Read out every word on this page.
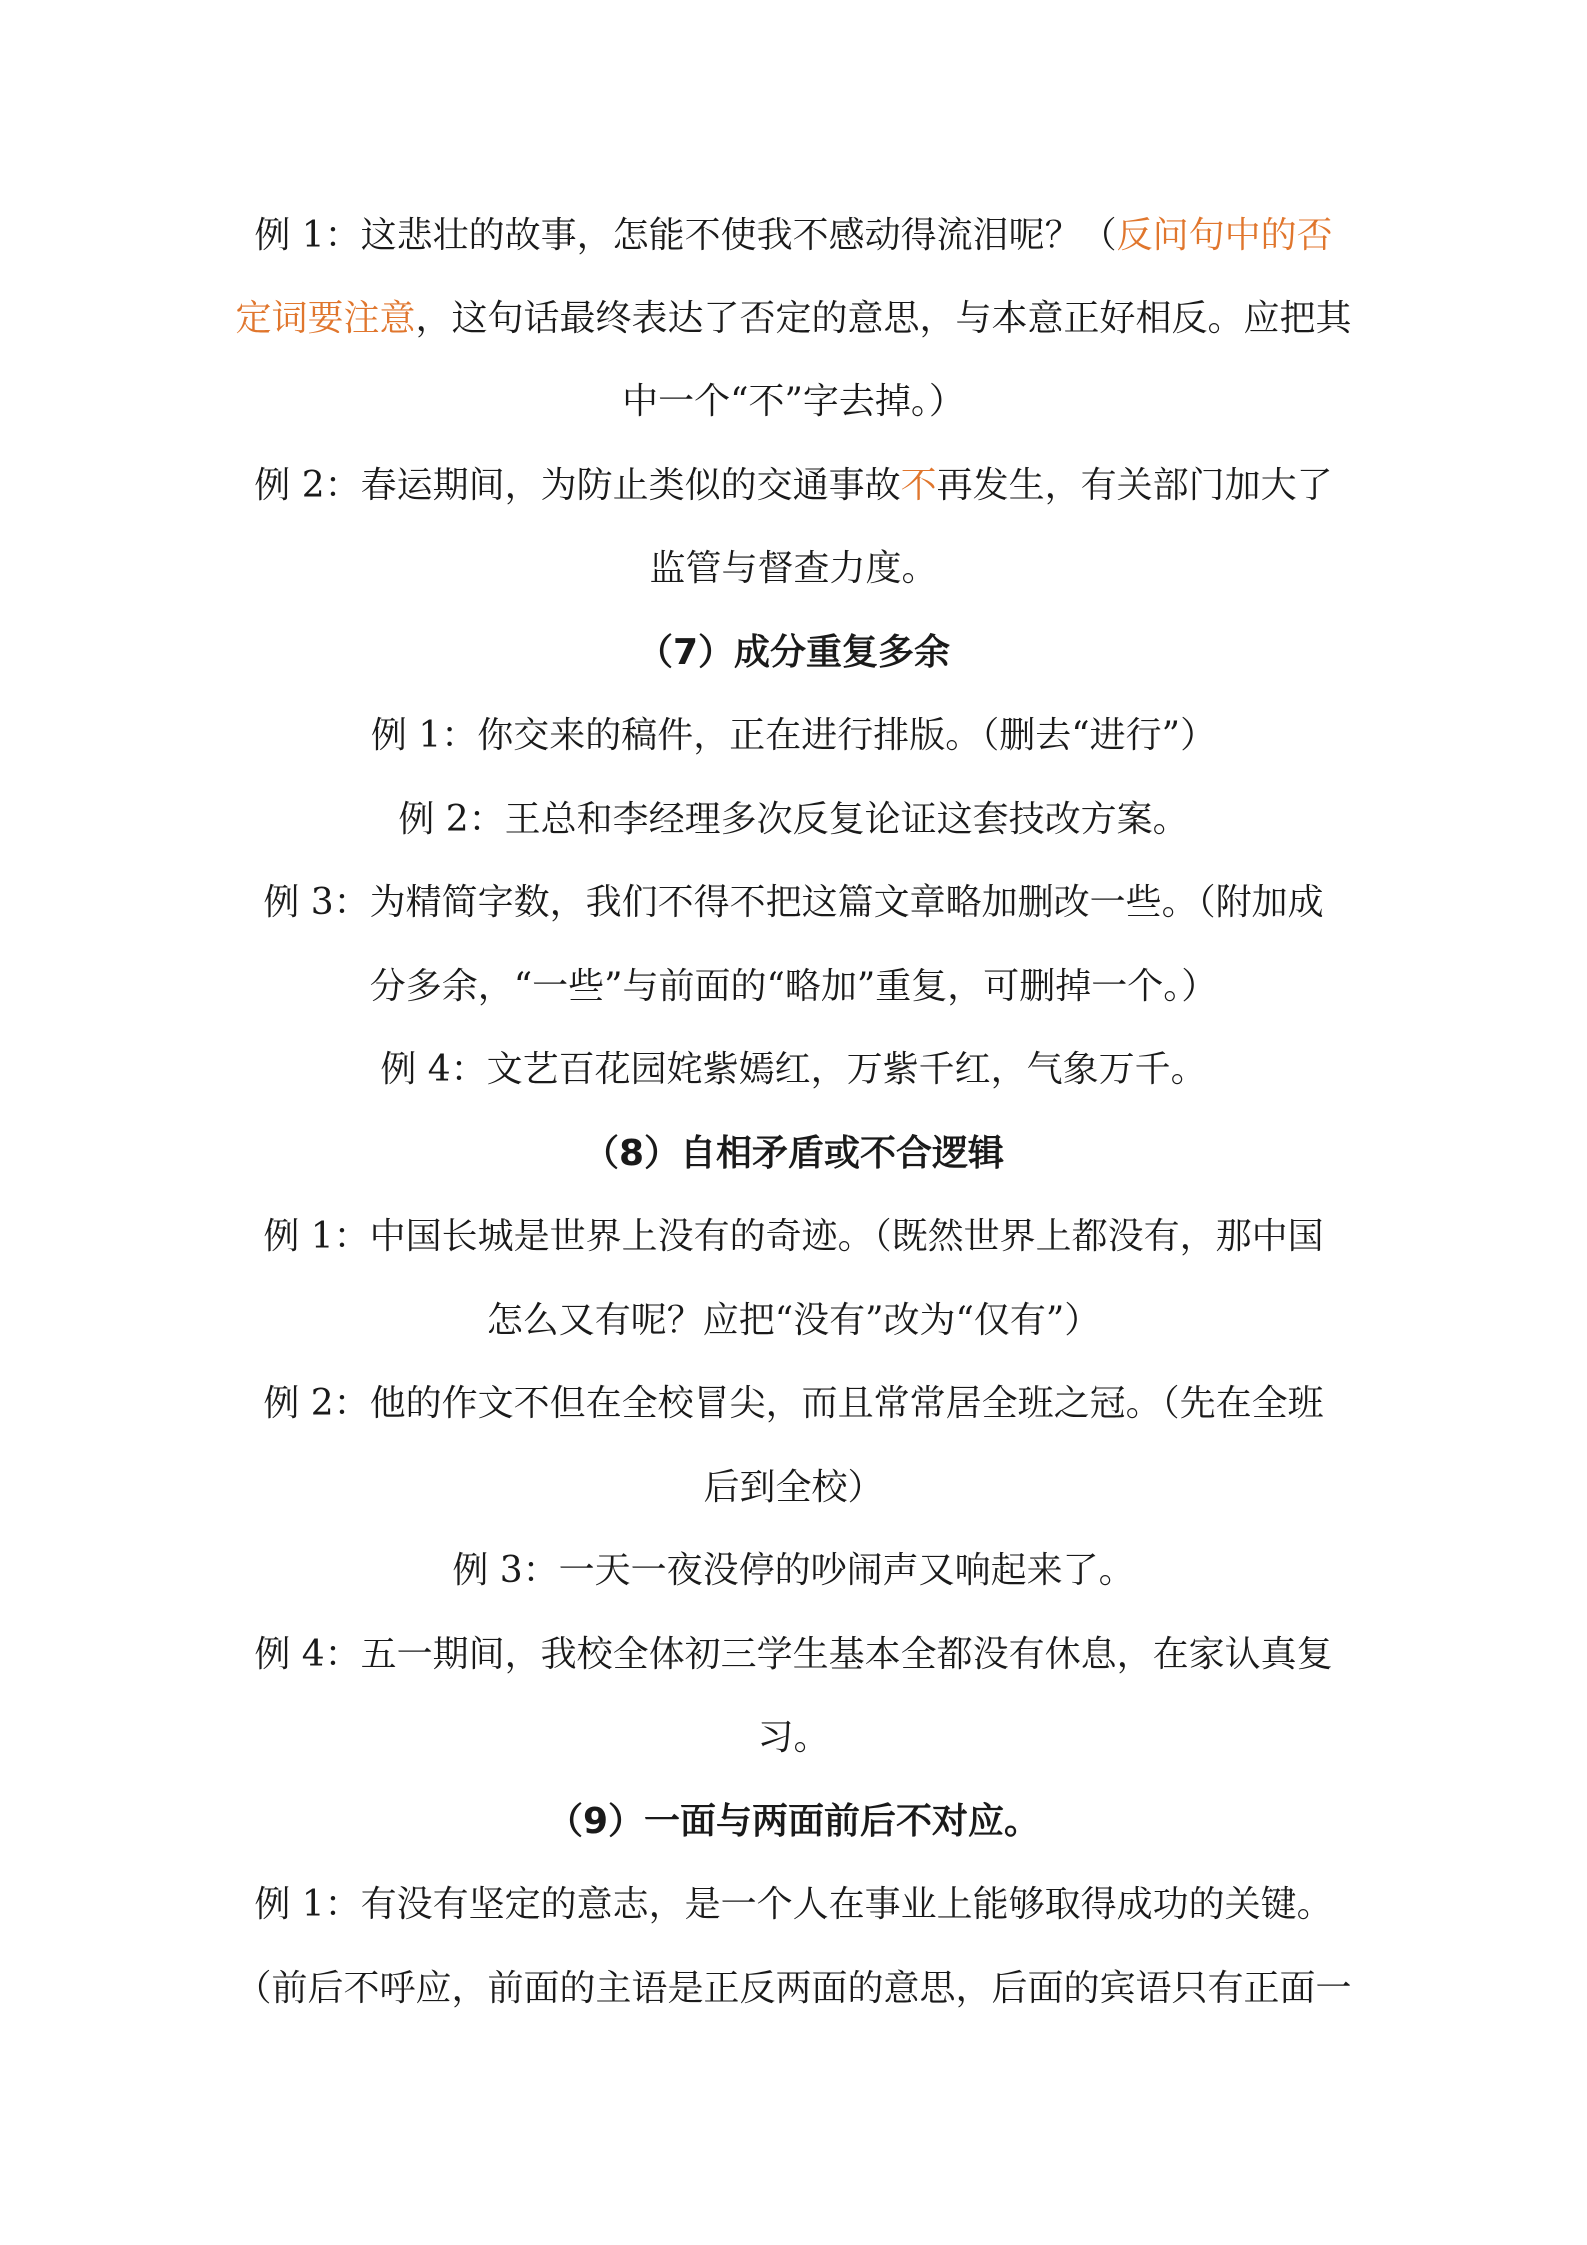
例 1：这悲壮的故事，怎能不使我不感动得流泪呢？（反问句中的否
定词要注意，这句话最终表达了否定的意思，与本意正好相反。应把其
中一个“不”字去掉。）
例 2：春运期间，为防止类似的交通事故不再发生，有关部门加大了
监管与督查力度。
（7）成分重复多余
例 1：你交来的稿件，正在进行排版。（删去“进行”）
例 2：王总和李经理多次反复论证这套技改方案。
例 3：为精简字数，我们不得不把这篇文章略加删改一些。（附加成
分多余，“一些”与前面的“略加”重复，可删掉一个。）
例 4：文艺百花园姹紫嫣红，万紫千红，气象万千。
（8）自相矛盾或不合逻辑
例 1：中国长城是世界上没有的奇迹。（既然世界上都没有，那中国
怎么又有呢？应把“没有”改为“仅有”）
例 2：他的作文不但在全校冒尖，而且常常居全班之冠。（先在全班
后到全校）
例 3：一天一夜没停的吵闹声又响起来了。
例 4：五一期间，我校全体初三学生基本全都没有休息，在家认真复
习。
（9）一面与两面前后不对应。
例 1：有没有坚定的意志，是一个人在事业上能够取得成功的关键。
（前后不呼应，前面的主语是正反两面的意思，后面的宾语只有正面一
